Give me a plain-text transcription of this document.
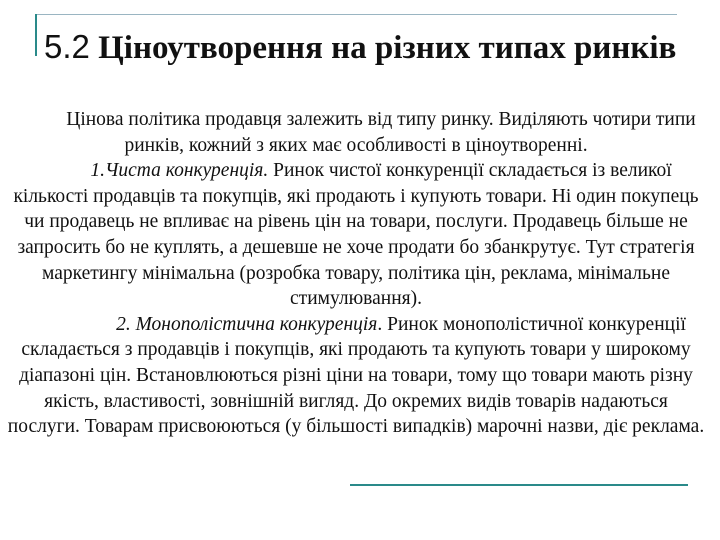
5.2 Ціноутворення на різних типах ринків

Цінова політика продавця залежить від типу ринку. Виділяють чотири типи ринків, кожний з яких має особливості в ціноутворенні.

1.Чиста конкуренція. Ринок чистої конкуренції складається із великої кількості продавців та покупців, які продають і купують товари. Ні один покупець чи продавець не впливає на рівень цін на товари, послуги. Продавець більше не запросить бо не куплять, а дешевше не хоче продати бо збанкрутує. Тут стратегія маркетингу мінімальна (розробка товару, політика цін, реклама, мінімальне стимулювання).

2. Монополістична конкуренція. Ринок монополістичної конкуренції складається з продавців і покупців, які продають та купують товари у широкому діапазоні цін. Встановлюються різні ціни на товари, тому що товари мають різну якість, властивості, зовнішній вигляд. До окремих видів товарів надаються послуги. Товарам присвоюються (у більшості випадків) марочні назви, діє реклама.
